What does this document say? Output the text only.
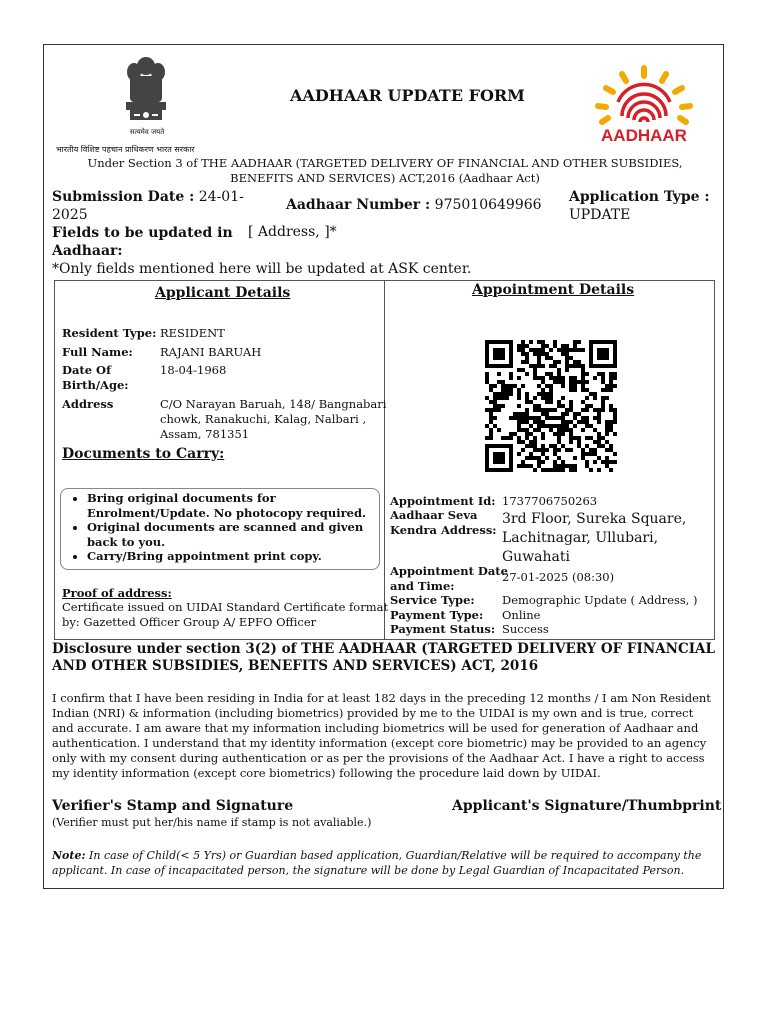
सत्यमेव जयते
भारतीय विशिष्ट पहचान प्राधिकरण भारत सरकार
AADHAAR UPDATE FORM
AADHAAR
Under Section 3 of THE AADHAAR (TARGETED DELIVERY OF FINANCIAL AND OTHER SUBSIDIES, BENEFITS AND SERVICES) ACT,2016 (Aadhaar Act)
Submission Date : 24-01-
2025
Aadhaar Number : 975010649966 Application Type :
UPDATE
Fields to be updated in
Aadhaar:
[ Address, ]*
*Only fields mentioned here will be updated at ASK center.
Applicant Details
Resident Type: RESIDENT
Full Name: RAJANI BARUAH
Date Of
Birth/Age:
18-04-1968
Address	C/O Narayan Baruah, 148/ Bangnabari
chowk, Ranakuchi, Kalag, Nalbari ,
Assam, 781351
Documents to Carry:
• Bring original documents for Enrolment/Update. No photocopy required.
• Original documents are scanned and given back to you.
• Carry/Bring appointment print copy.
Proof of address:
Certificate issued on UIDAI Standard Certificate format
by: Gazetted Officer Group A/ EPFO Officer
Appointment Details
Appointment Id: 1737706750263
Aadhaar Seva
Kendra Address:
3rd Floor, Sureka Square,
Lachitnagar, Ullubari,
Guwahati
Appointment Date
and Time:
27-01-2025 (08:30)
Service Type: Demographic Update ( Address, )
Payment Type: Online
Payment Status: Success
Disclosure under section 3(2) of THE AADHAAR (TARGETED DELIVERY OF FINANCIAL
AND OTHER SUBSIDIES, BENEFITS AND SERVICES) ACT, 2016
I confirm that I have been residing in India for at least 182 days in the preceding 12 months / I am Non Resident Indian (NRI) & information (including biometrics) provided by me to the UIDAI is my own and is true, correct and accurate. I am aware that my information including biometrics will be used for generation of Aadhaar and authentication. I understand that my identity information (except core biometric) may be provided to an agency only with my consent during authentication or as per the provisions of the Aadhaar Act. I have a right to access my identity information (except core biometrics) following the procedure laid down by UIDAI.
Verifier's Stamp and Signature
(Verifier must put her/his name if stamp is not avaliable.)
Applicant's Signature/Thumbprint
Note: In case of Child(< 5 Yrs) or Guardian based application, Guardian/Relative will be required to accompany the applicant. In case of incapacitated person, the signature will be done by Legal Guardian of Incapacitated Person.
